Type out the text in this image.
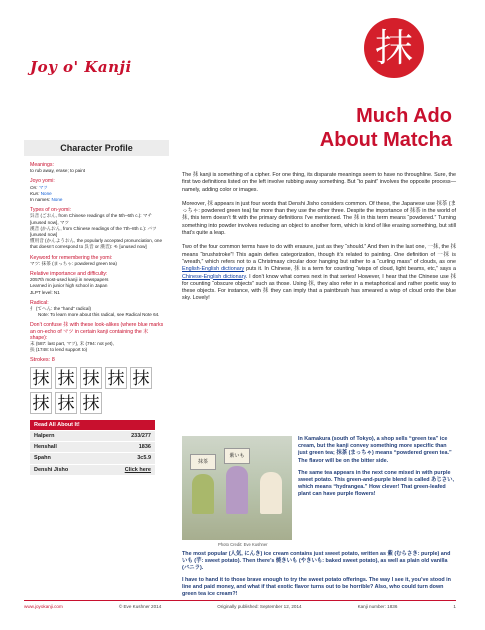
Joy o' Kanji	抹
Much Ado
About Matcha
Character Profile
Meanings:
to rub away, erase; to paint
Joyo yomi:
On: マツ
Kun: None
In names: None
Types of on-yomi:
呉音 (ごおん, from Chinese readings of the 5th–6th c.): マチ [unused now], マツ
漢音 (かんおん, from Chinese readings of the 7th–8th c.): バツ [unused now]
慣用音 (かんようおん, the popularly accepted pronunciation, one that doesn’t correspond to 呉音 or 漢音): モ [unused now]
Keyword for remembering the yomi:
マツ: 抹茶 (まっちゃ: powdered green tea)
Relative importance and difficulty:
2057th most-used kanji in newspapers
Learned in junior high school in Japan
JLPT level: N1
Radical:
扌 (てへん: the “hand” radical)
Note: To learn more about this radical, see Radical Note 64.
Don’t confuse 抹 with these look-alikes (where blue marks an on-echo of マツ in certain kanji containing the 末 shape):
末 (587: last part, マツ), 未 (794: not yet),
扶 (1748: to lend support to)
Strokes: 8
抹 抹 抹 抹 抹
抹 抹 抹
Read All About It!	
Halpern	233/277
Henshall	1836
Spahn	3c5.9
Denshi Jisho	Click here

The 抹 kanji is something of a cipher. For one thing, its disparate meanings seem to have no throughline. Sure, the first two definitions listed on the left involve rubbing away something. But “to paint” involves the opposite process—namely, adding color or images.

Moreover, 抹 appears in just four words that Denshi Jisho considers common. Of these, the Japanese use 抹茶 (まっちゃ: powdered green tea) far more than they use the other three. Despite the importance of 抹茶 in the world of 抹, this term doesn’t fit with the primary definitions I’ve mentioned. The 抹 in this term means “powdered.” Turning something into powder involves reducing an object to another form, which is kind of like erasing something, but still that’s quite a leap.

Two of the four common terms have to do with erasure, just as they “should.” And then in the last one, 一抹, the 抹 means “brushstroke”! This again defies categorization, though it’s related to painting. One definition of 一抹 is “wreath,” which refers not to a Christmasy circular door hanging but rather to a “curling mass” of clouds, as one English-English dictionary puts it. In Chinese, 抹 is a term for counting “wisps of cloud, light beams, etc,” says a Chinese-English dictionary. I don’t know what comes next in that series! However, I hear that the Chinese use 抹 for counting “obscure objects” such as those. Using 抹, they also refer in a metaphorical and rather poetic way to these objects. For instance, with 抹 they can imply that a paintbrush has smeared a wisp of cloud onto the blue sky. Lovely!

抹茶
紫いも
Photo Credit: Eve Kushner

In Kamakura (south of Tokyo), a shop sells “green tea” ice cream, but the kanji convey something more specific than just green tea; 抹茶 (まっちゃ) means “powdered green tea.” The flavor will be on the bitter side.

The same tea appears in the next cone mixed in with purple sweet potato. This green-and-purple blend is called あじさい, which means “hydrangea.” How clever! That green-leafed plant can have purple flowers!

The most popular (人気, にんき) ice cream contains just sweet potato, written as 紫 (むらさき: purple) and いも (芋: sweet potato). Then there’s 焼きいも (やきいも: baked sweet potato), as well as plain old vanilla (バニラ).

I have to hand it to those brave enough to try the sweet potato offerings. The way I see it, you’ve stood in line and paid money, and what if that exotic flavor turns out to be horrible? Also, who could turn down green tea ice cream?!

www.joyokanji.com	© Eve Kushner 2014	Originally published: September 12, 2014	Kanji number: 1836	1
